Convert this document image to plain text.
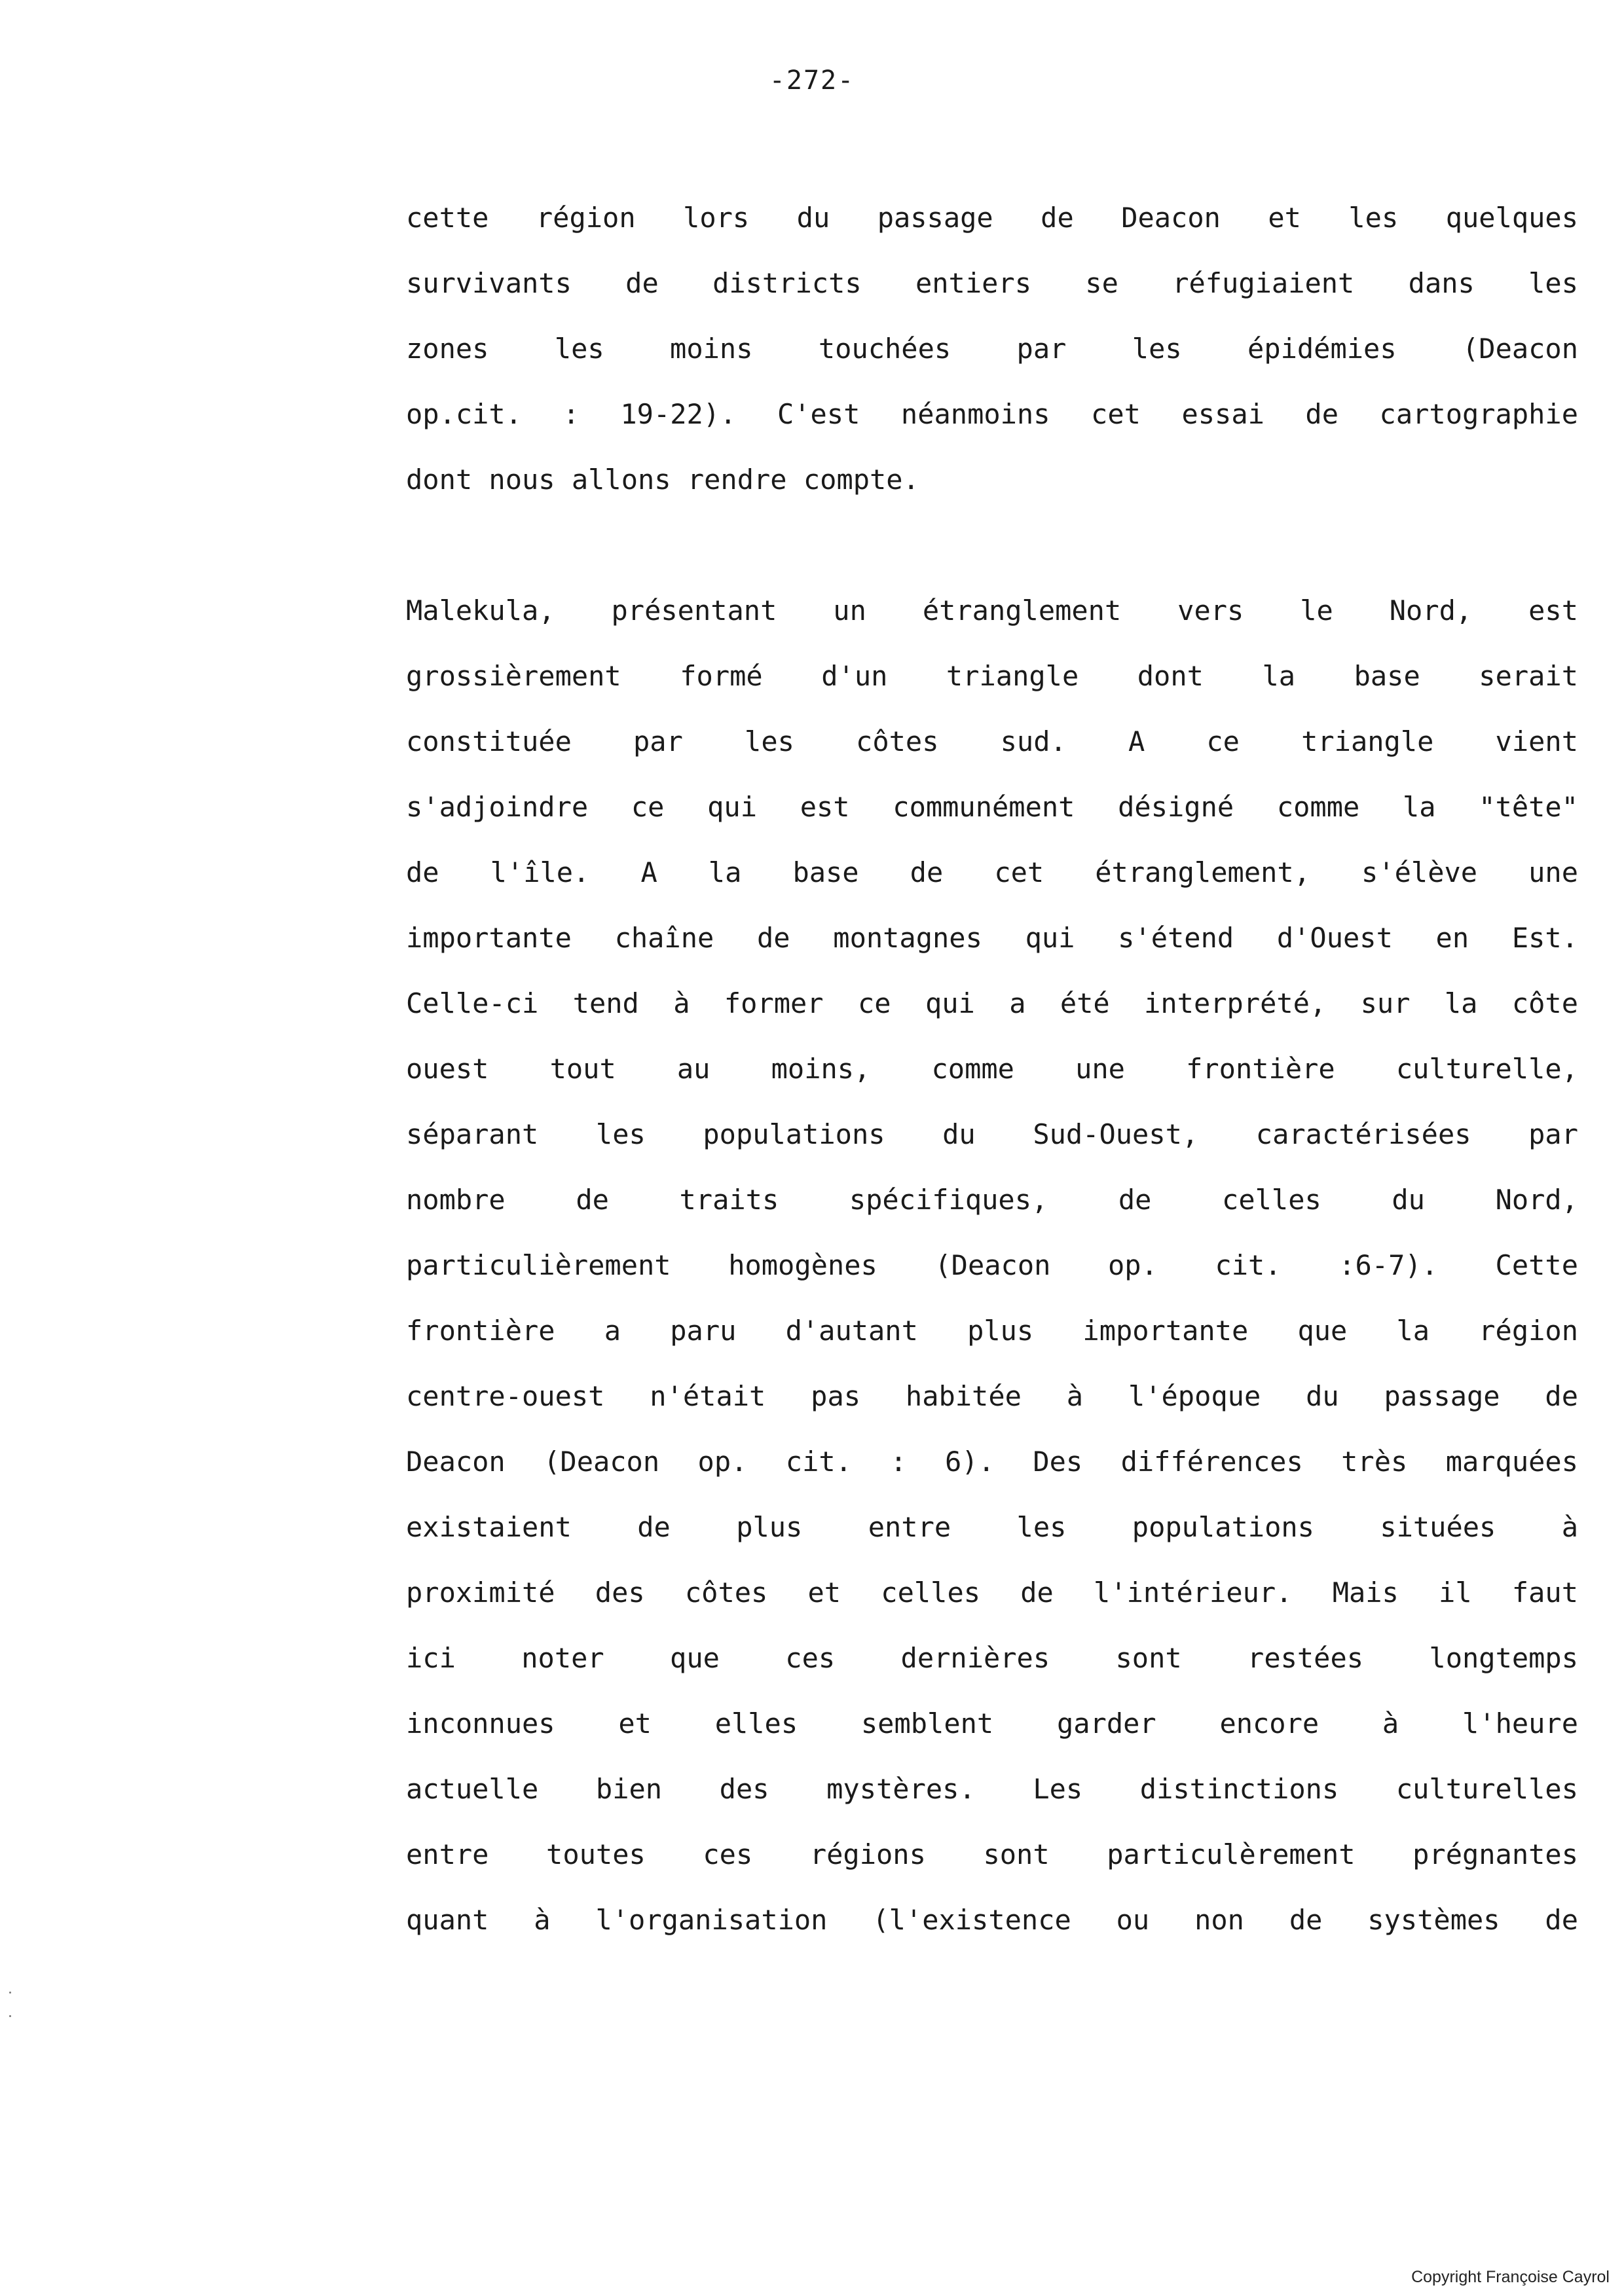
-272-
cette région lors du passage de Deacon et les quelques
survivants de districts entiers se réfugiaient dans les
zones les moins touchées par les épidémies (Deacon
op.cit. : 19-22). C'est néanmoins cet essai de cartographie
dont nous allons rendre compte.
Malekula, présentant un étranglement vers le Nord, est
grossièrement formé d'un triangle dont la base serait
constituée par les côtes sud. A ce triangle vient
s'adjoindre ce qui est communément désigné comme la "tête"
de l'île. A la base de cet étranglement, s'élève une
importante chaîne de montagnes qui s'étend d'Ouest en Est.
Celle-ci tend à former ce qui a été interprété, sur la côte
ouest tout au moins, comme une frontière culturelle,
séparant les populations du Sud-Ouest, caractérisées par
nombre de traits spécifiques, de celles du Nord,
particulièrement homogènes (Deacon op. cit. :6-7). Cette
frontière a paru d'autant plus importante que la région
centre-ouest n'était pas habitée à l'époque du passage de
Deacon (Deacon op. cit. : 6). Des différences très marquées
existaient de plus entre les populations situées à
proximité des côtes et celles de l'intérieur. Mais il faut
ici noter que ces dernières sont restées longtemps
inconnues et elles semblent garder encore à l'heure
actuelle bien des mystères. Les distinctions culturelles
entre toutes ces régions sont particulèrement prégnantes
quant à l'organisation (l'existence ou non de systèmes de
Copyright Françoise Cayrol
